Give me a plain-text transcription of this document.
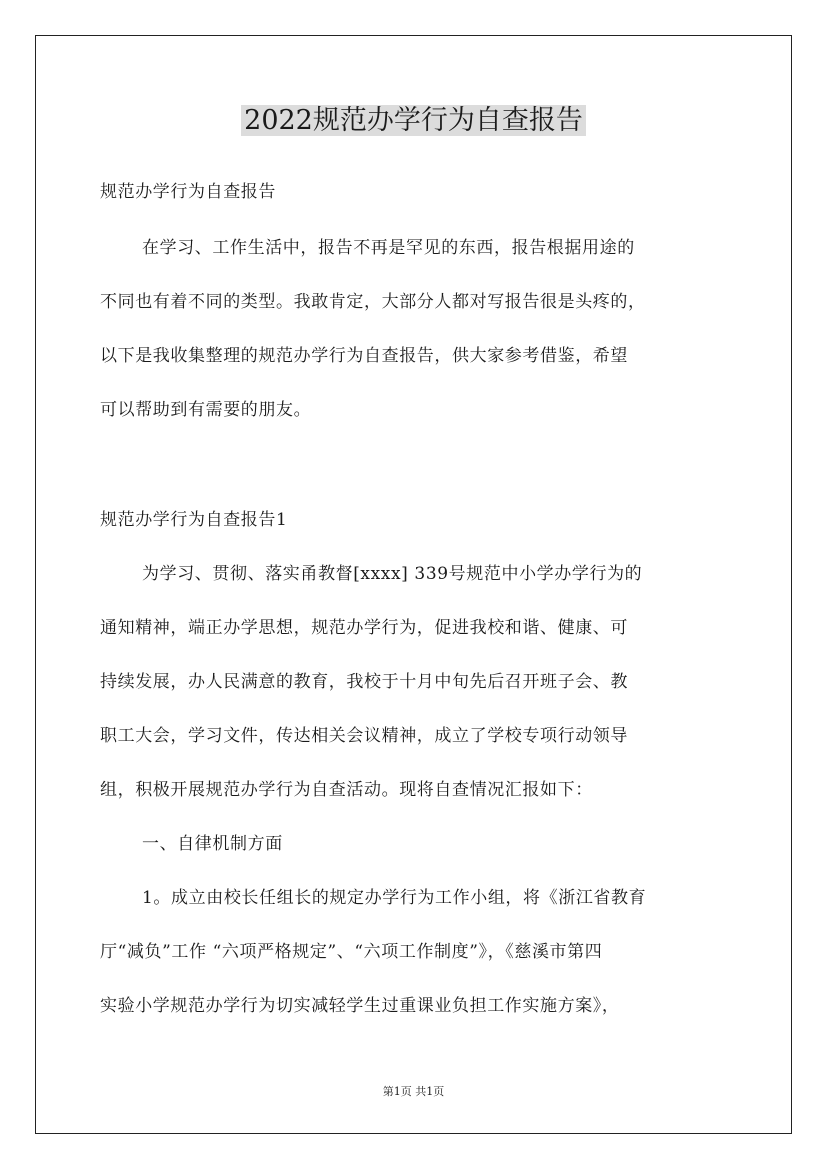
2022规范办学行为自查报告

规范办学行为自查报告

在学习、工作生活中，报告不再是罕见的东西，报告根据用途的

不同也有着不同的类型。我敢肯定，大部分人都对写报告很是头疼的，

以下是我收集整理的规范办学行为自查报告，供大家参考借鉴，希望

可以帮助到有需要的朋友。

规范办学行为自查报告1

为学习、贯彻、落实甬教督[xxxx] 339号规范中小学办学行为的

通知精神，端正办学思想，规范办学行为，促进我校和谐、健康、可

持续发展，办人民满意的教育，我校于十月中旬先后召开班子会、教

职工大会，学习文件，传达相关会议精神，成立了学校专项行动领导

组，积极开展规范办学行为自查活动。现将自查情况汇报如下：

一、自律机制方面

1。成立由校长任组长的规定办学行为工作小组，将《浙江省教育

厅“减负”工作 “六项严格规定”、“六项工作制度”》，《慈溪市第四

实验小学规范办学行为切实减轻学生过重课业负担工作实施方案》，

第1页 共1页
